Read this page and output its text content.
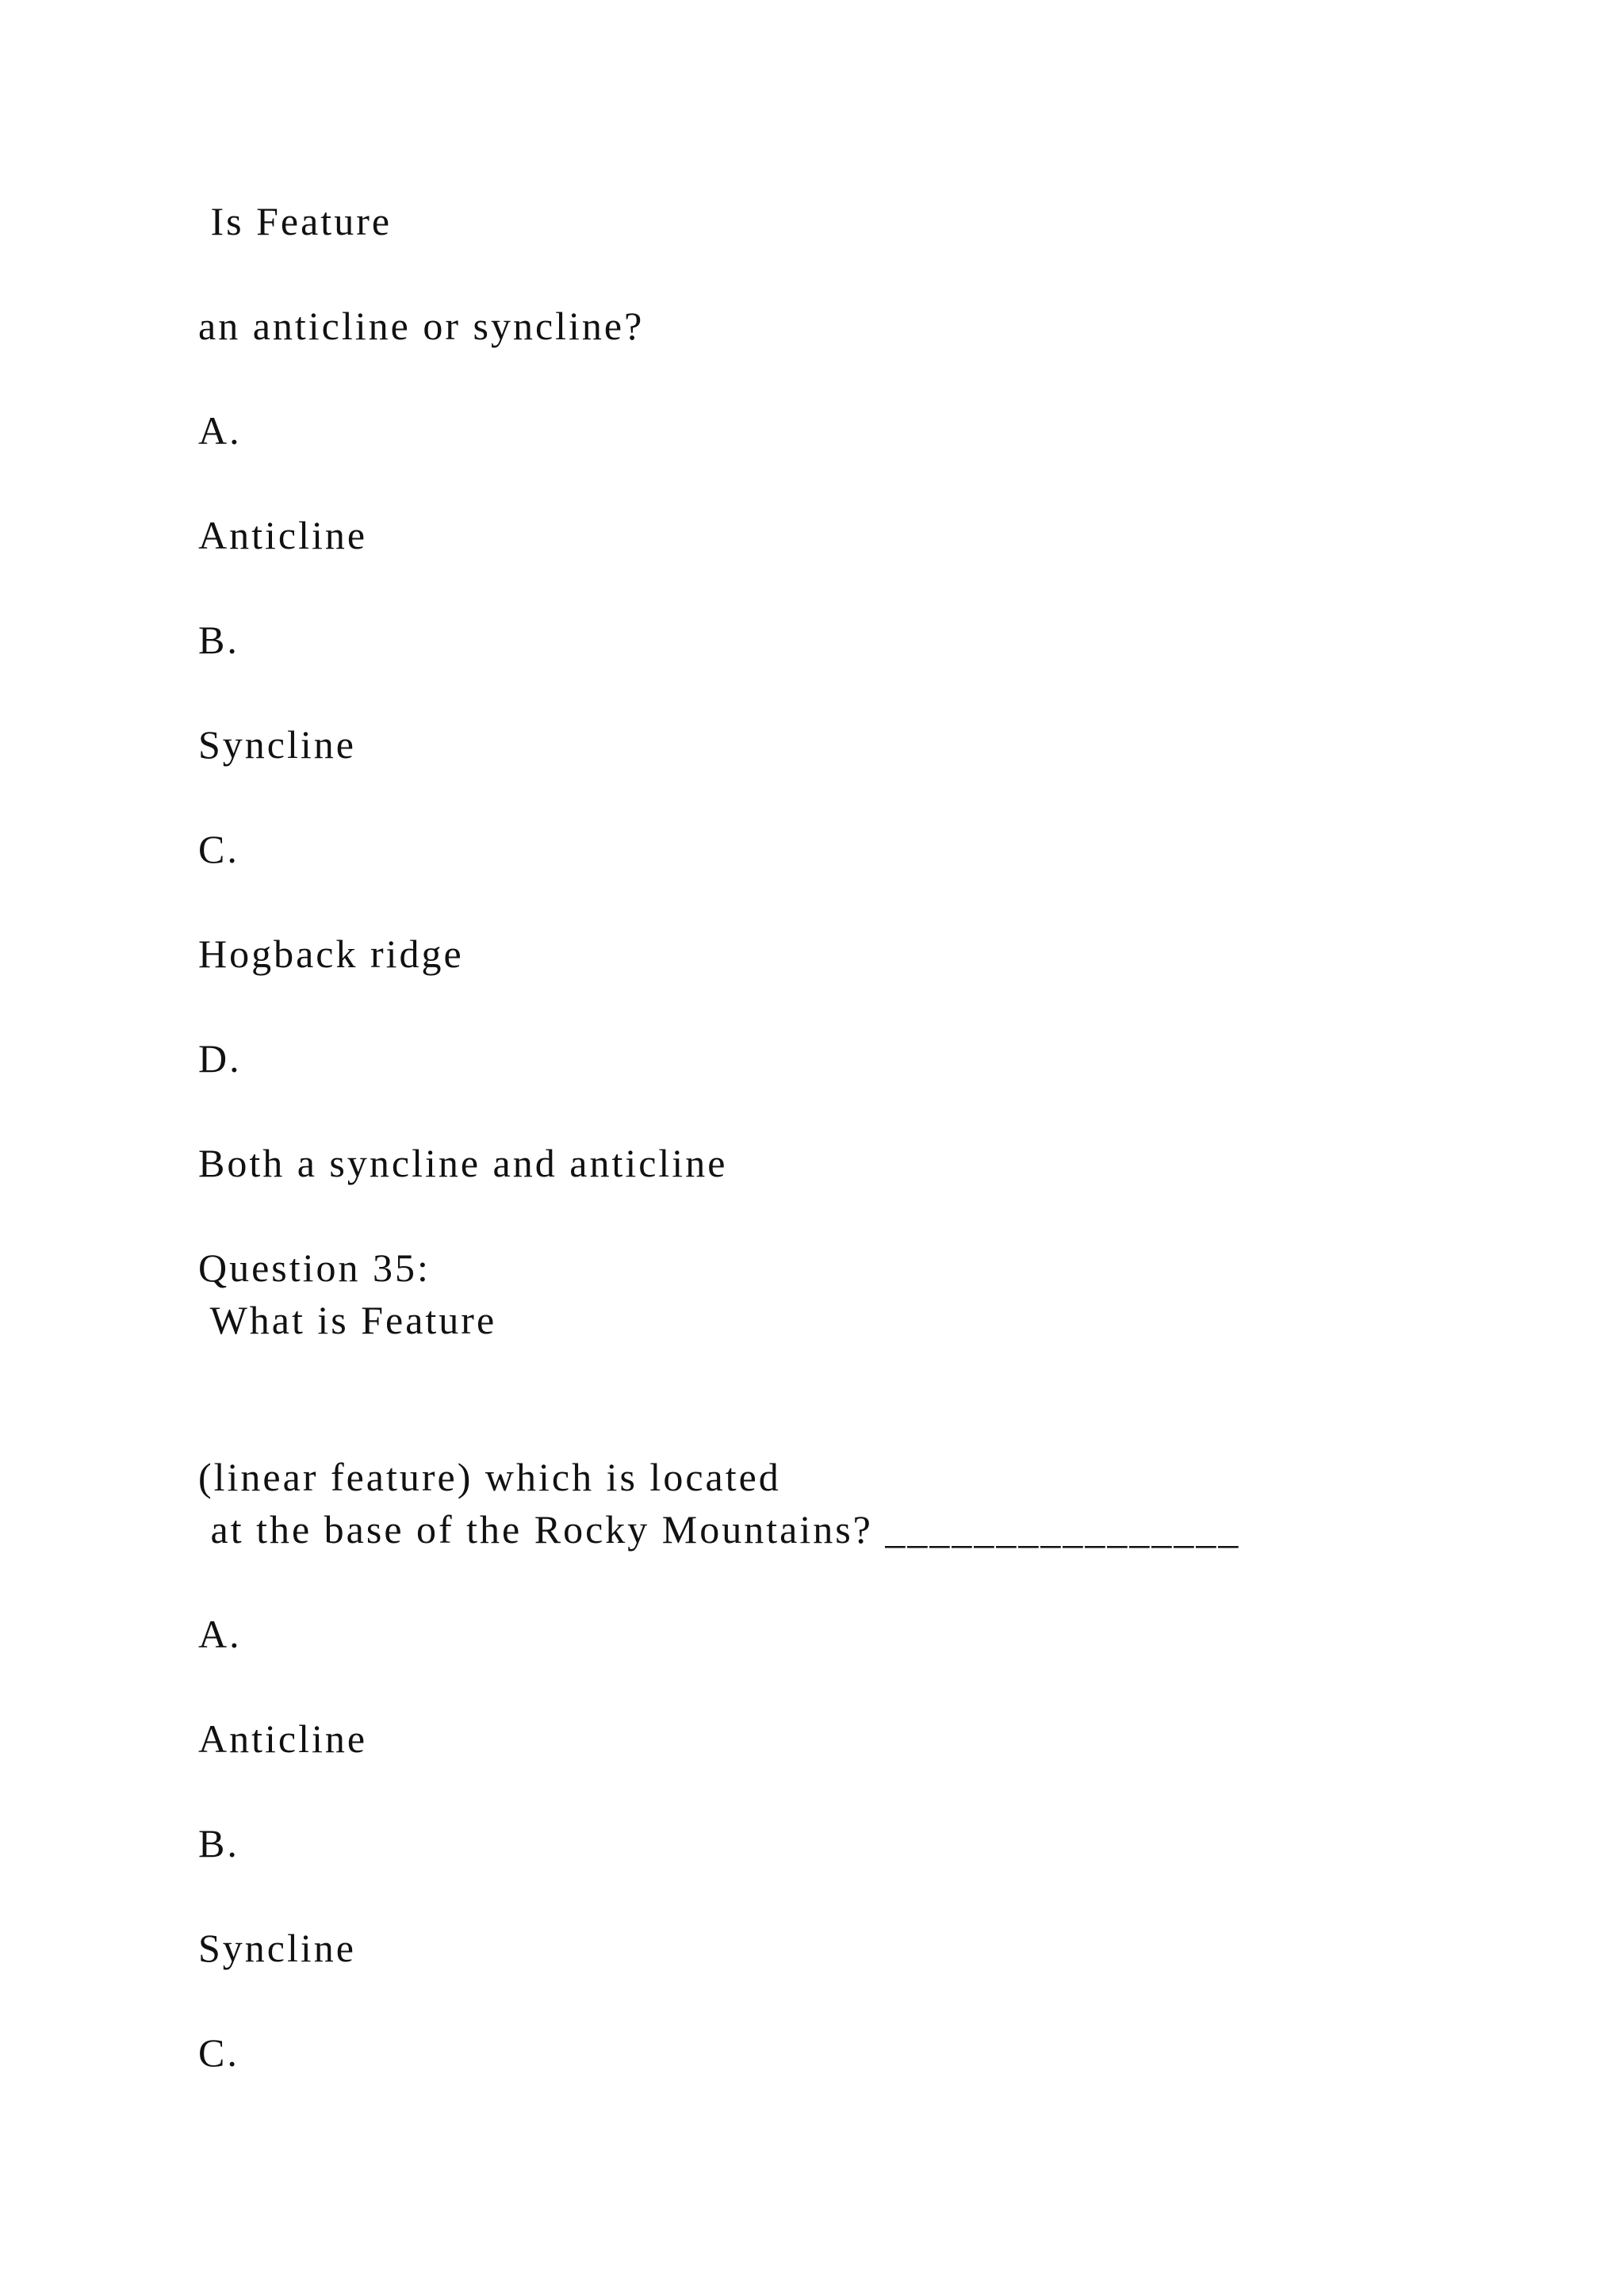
Is Feature
an anticline or syncline?
A.
Anticline
B.
Syncline
C.
Hogback ridge
D.
Both a syncline and anticline
Question 35:
What is Feature
(linear feature) which is located
at the base of the Rocky Mountains? ________________
A.
Anticline
B.
Syncline
C.
